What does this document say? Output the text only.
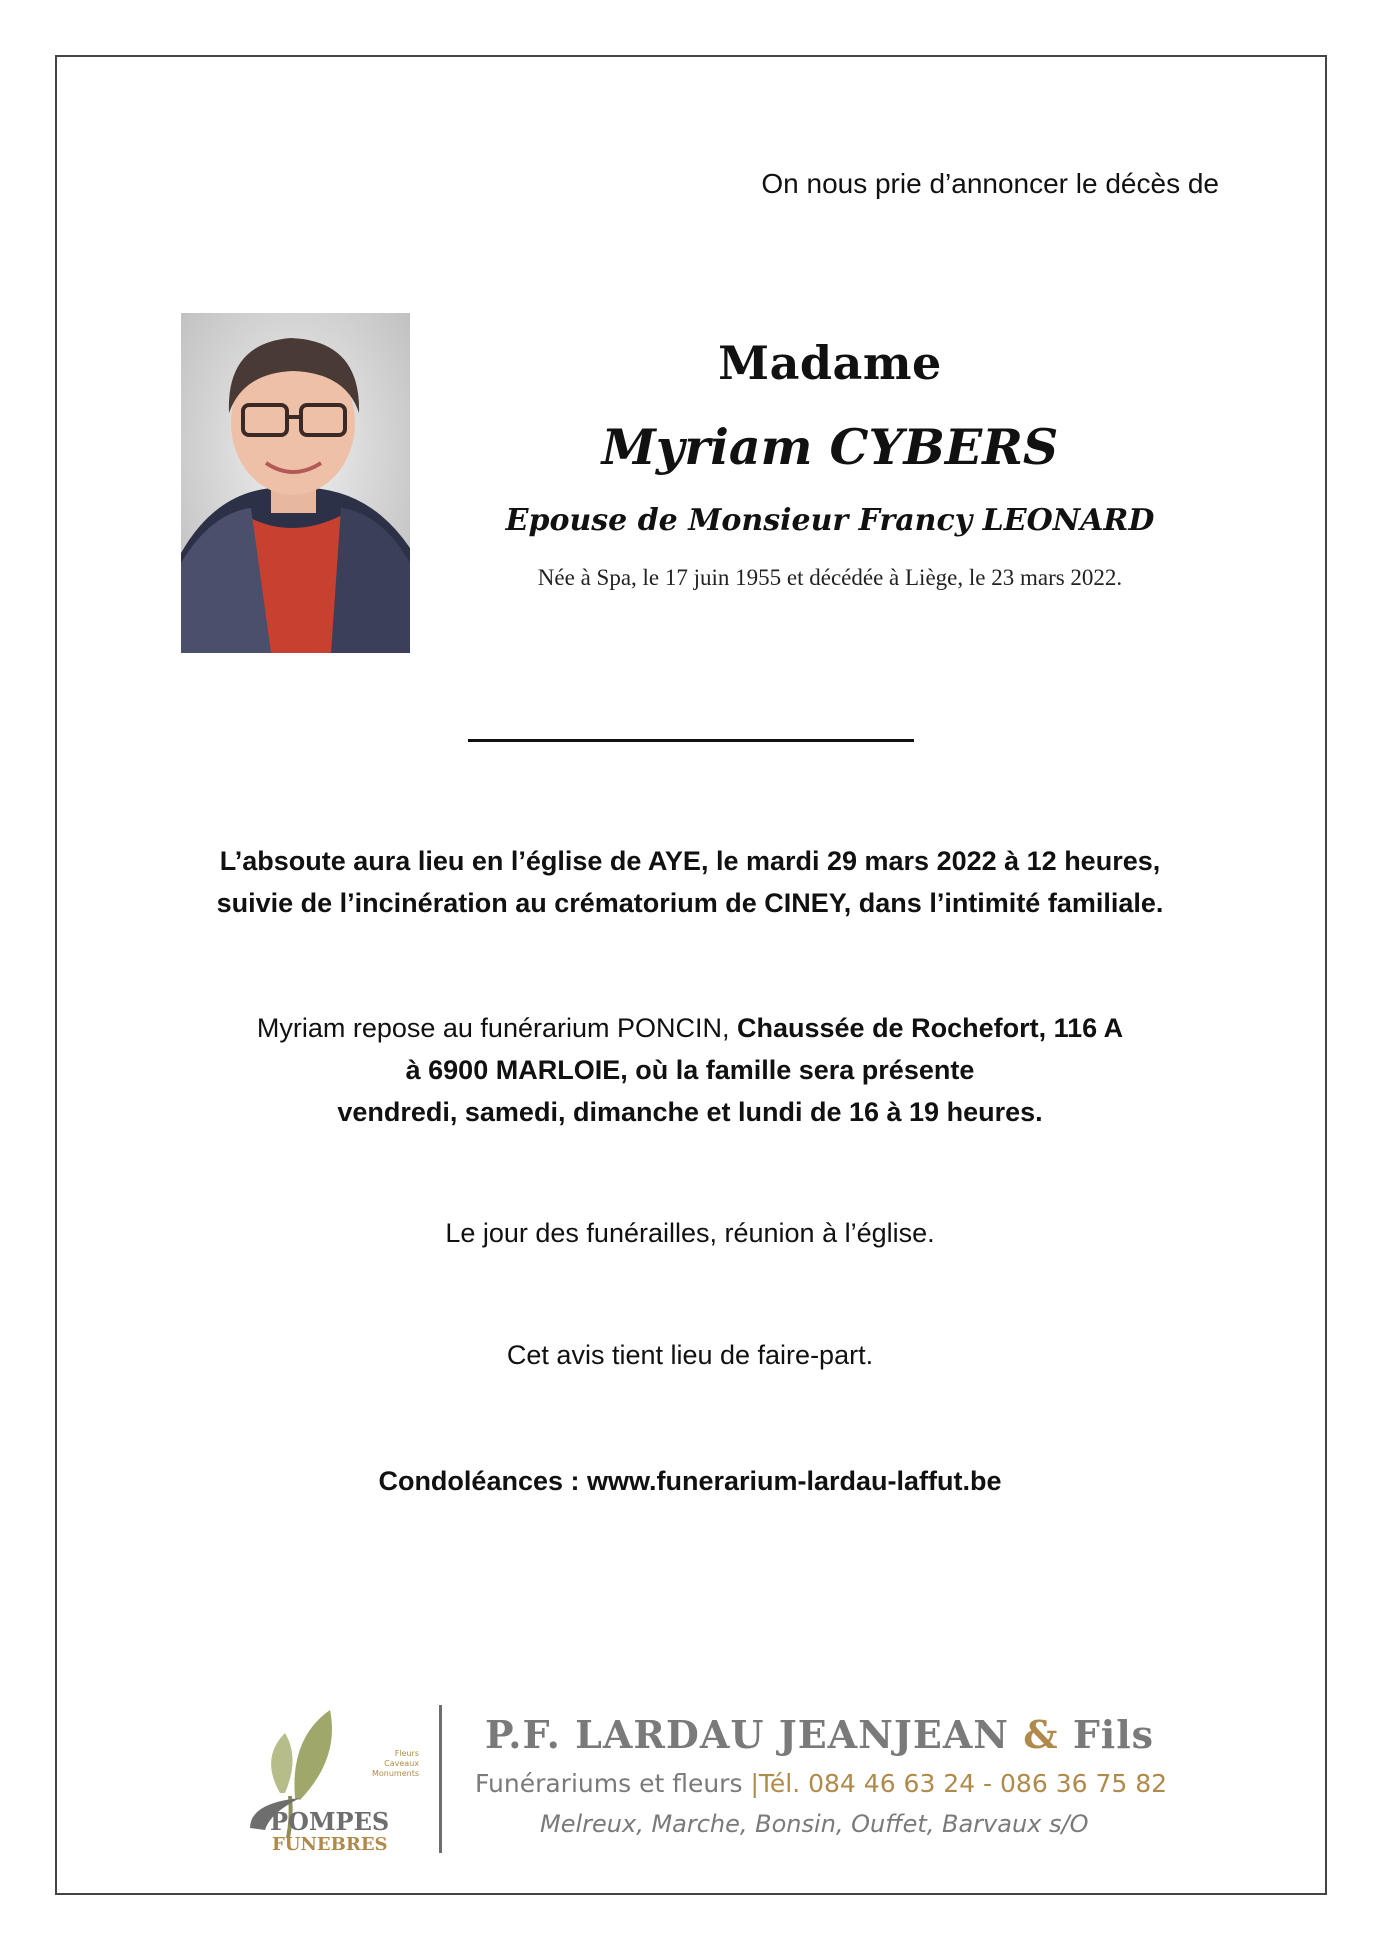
On nous prie d’annoncer le décès de
Madame
Myriam CYBERS
Epouse de Monsieur Francy LEONARD
Née à Spa, le 17 juin 1955 et décédée à Liège, le 23 mars 2022.
L’absoute aura lieu en l’église de AYE, le mardi 29 mars 2022 à 12 heures,
suivie de l’incinération au crématorium de CINEY, dans l’intimité familiale.
Myriam repose au funérarium PONCIN, Chaussée de Rochefort, 116 A
à 6900 MARLOIE, où la famille sera présente
vendredi, samedi, dimanche et lundi de 16 à 19 heures.
Le jour des funérailles, réunion à l’église.
Cet avis tient lieu de faire-part.
Condoléances : www.funerarium-lardau-laffut.be
Fleurs
Caveaux
Monuments
POMPES
FUNEBRES
P.F. LARDAU JEANJEAN & Fils
Funérariums et fleurs |Tél. 084 46 63 24 - 086 36 75 82
Melreux, Marche, Bonsin, Ouffet, Barvaux s/O
